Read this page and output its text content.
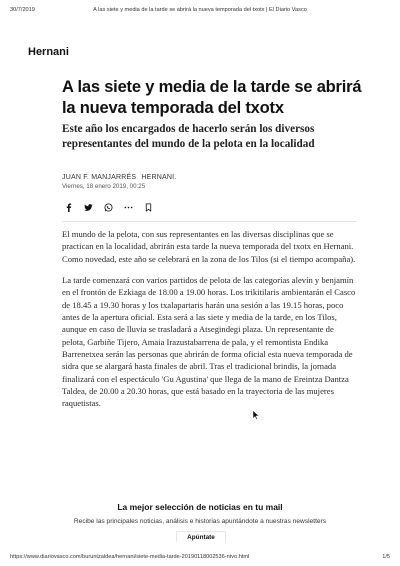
30/7/2019	A las siete y media de la tarde se abrirá la nueva temporada del txotx | El Diario Vasco
Hernani
A las siete y media de la tarde se abrirá la nueva temporada del txotx
Este año los encargados de hacerlo serán los diversos representantes del mundo de la pelota en la localidad
JUAN F. MANJARRÉS HERNANI.
Viernes, 18 enero 2019, 00:25

El mundo de la pelota, con sus representantes en las diversas disciplinas que se practican en la localidad, abrirán esta tarde la nueva temporada del txotx en Hernani. Como novedad, este año se celebrará en la zona de los Tilos (si el tiempo acompaña).

La tarde comenzará con varios partidos de pelota de las categorías alevín y benjamín en el frontón de Ezkiaga de 18.00 a 19.00 horas. Los trikitilaris ambientarán el Casco de 18.45 a 19.30 horas y los txalapartaris harán una sesión a las 19.15 horas, poco antes de la apertura oficial. Esta será a las siete y media de la tarde, en los Tilos, aunque en caso de lluvia se trasladará a Atsegindegi plaza. Un representante de pelota, Garbiñe Tijero, Amaia Irazustabarrena de pala, y el remontista Endika Barrenetxea serán las personas que abrirán de forma oficial esta nueva temporada de sidra que se alargará hasta finales de abril. Tras el tradicional brindis, la jornada finalizará con el espectáculo 'Gu Agustina' que llega de la mano de Ereintza Dantza Taldea, de 20.00 a 20.30 horas, que está basado en la trayectoria de las mujeres raquetistas.

La mejor selección de noticias en tu mail

Recibe las principales noticias, análisis e historias apuntándote a nuestras newsletters

Apúntate
https://www.diariovasco.com/buruntzaldea/hernani/siete-media-tarde-20190118002536-ntvo.html	1/5
